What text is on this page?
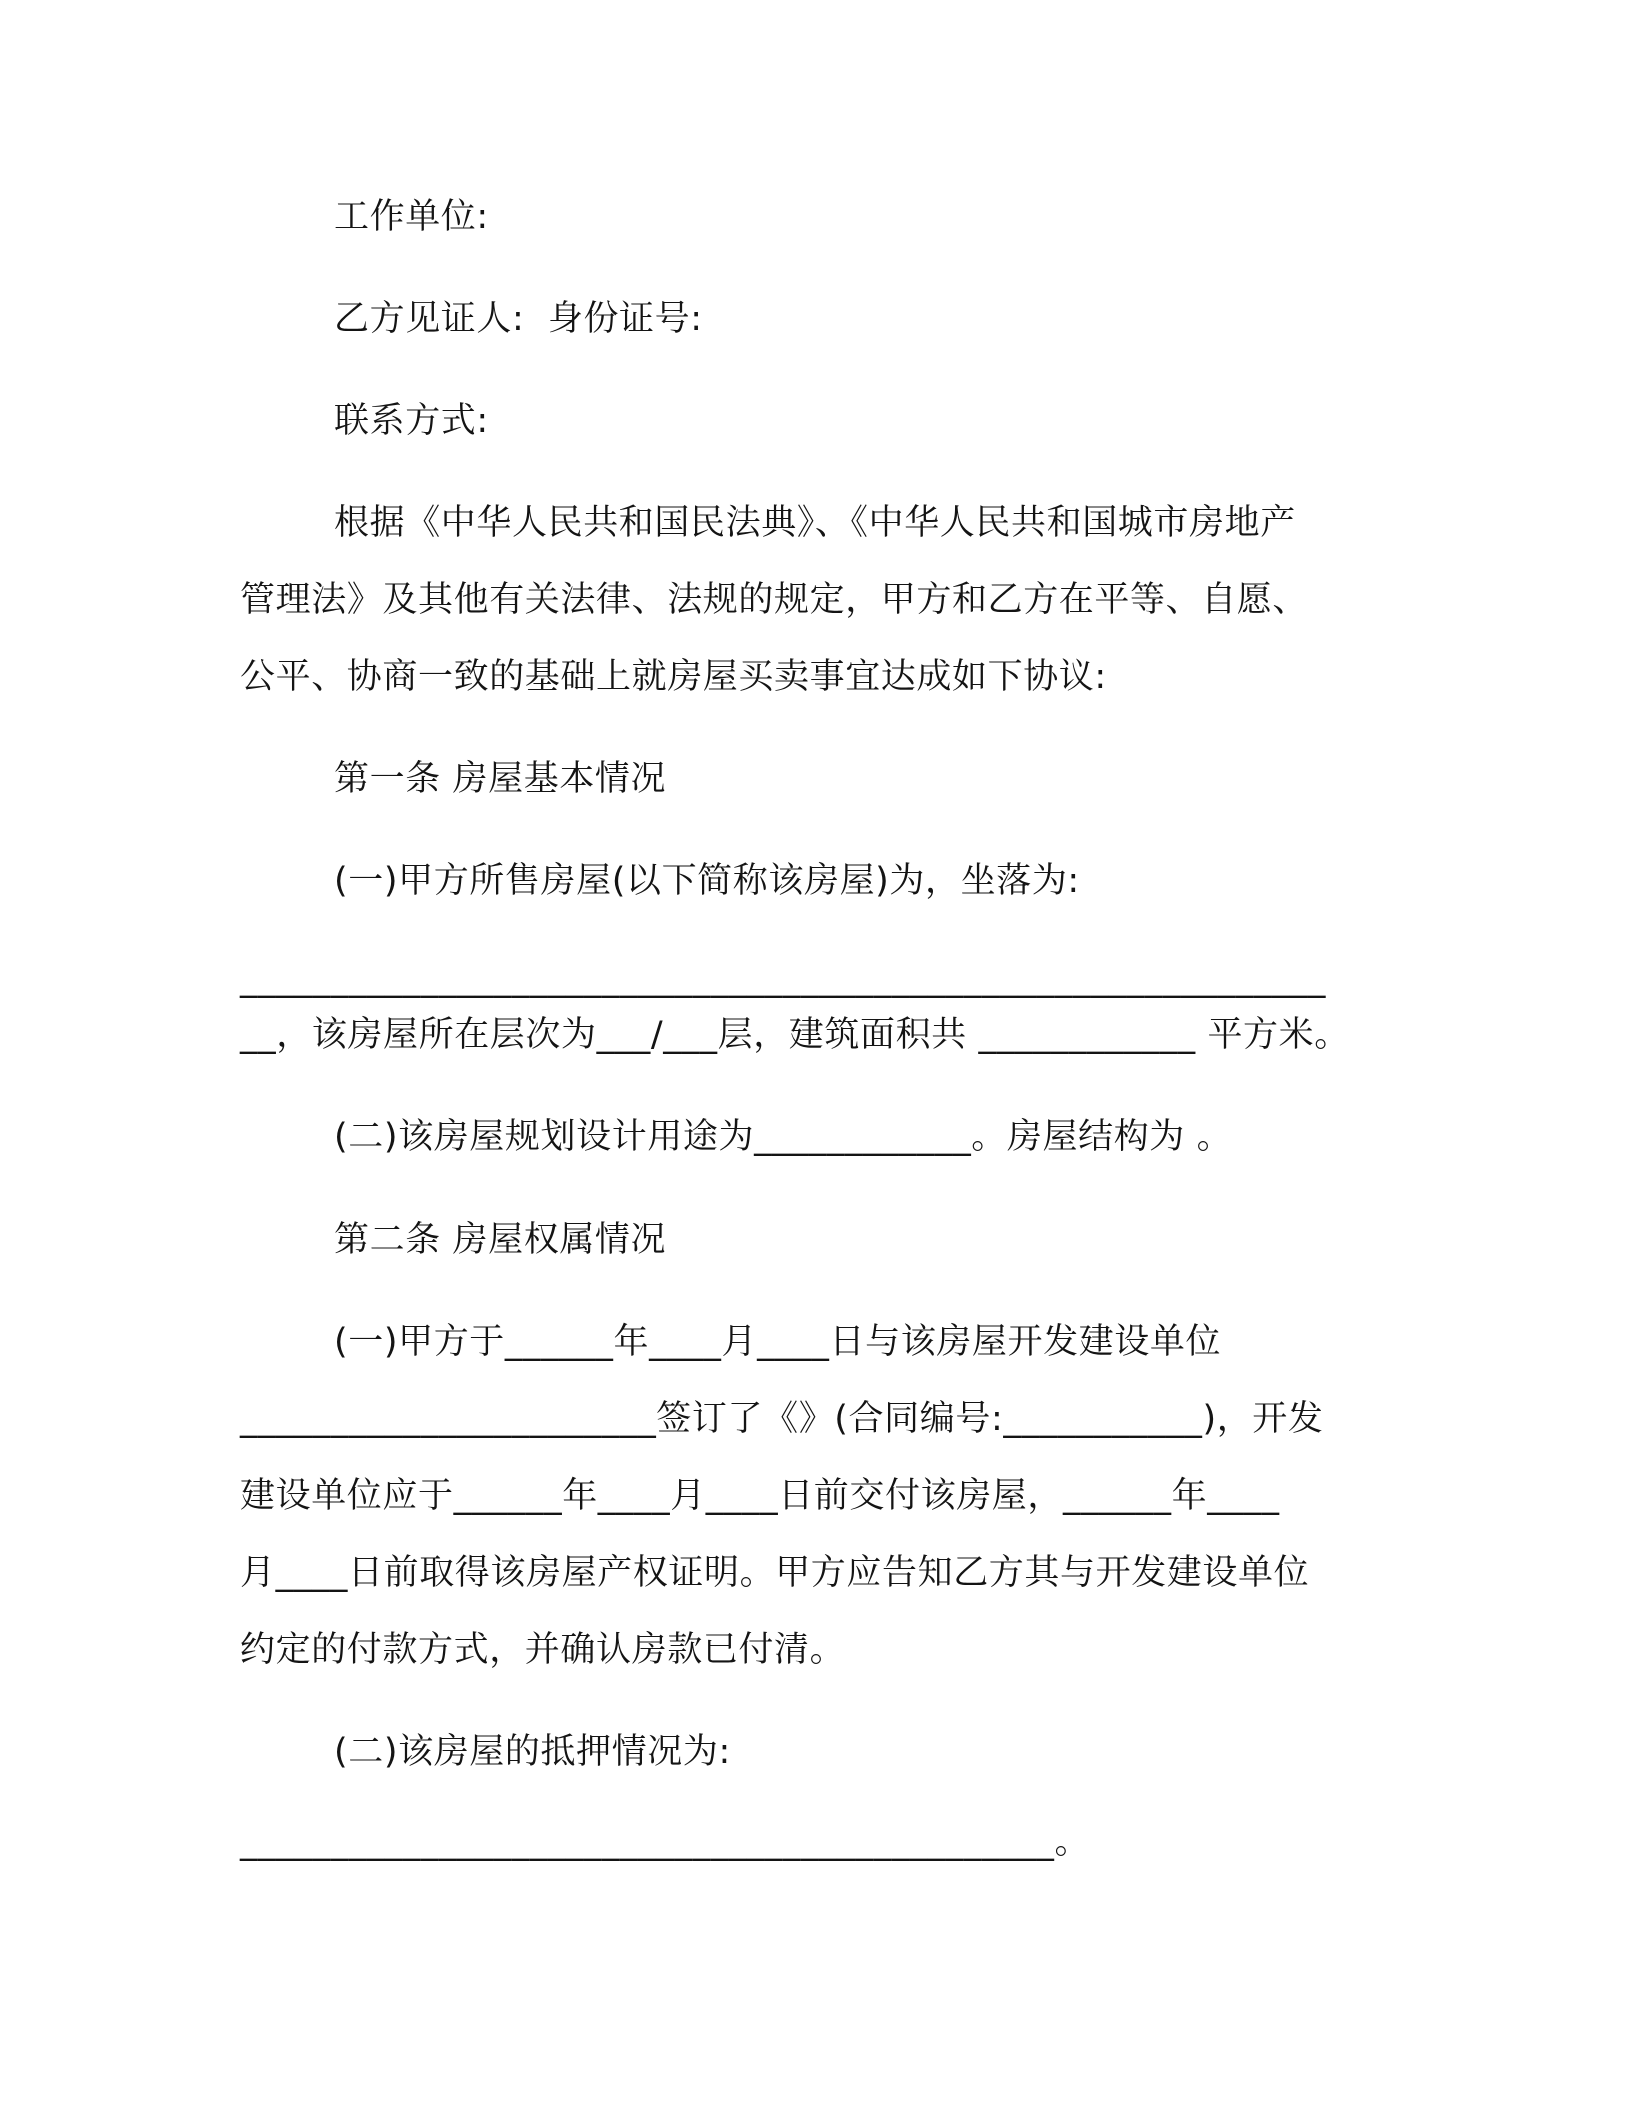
工作单位:
乙方见证人:  身份证号:
联系方式:
根据《中华人民共和国民法典》、《中华人民共和国城市房地产
管理法》及其他有关法律、法规的规定，甲方和乙方在平等、自愿、
公平、协商一致的基础上就房屋买卖事宜达成如下协议:
第一条 房屋基本情况
(一)甲方所售房屋(以下简称该房屋)为，坐落为:
____________________________________________________________
__，该房屋所在层次为___/___层，建筑面积共 ____________ 平方米。
(二)该房屋规划设计用途为____________。房屋结构为 。
第二条 房屋权属情况
(一)甲方于______年____月____日与该房屋开发建设单位
_______________________签订了《》(合同编号:___________)，开发
建设单位应于______年____月____日前交付该房屋，______年____
月____日前取得该房屋产权证明。甲方应告知乙方其与开发建设单位
约定的付款方式，并确认房款已付清。
(二)该房屋的抵押情况为:
_____________________________________________。
